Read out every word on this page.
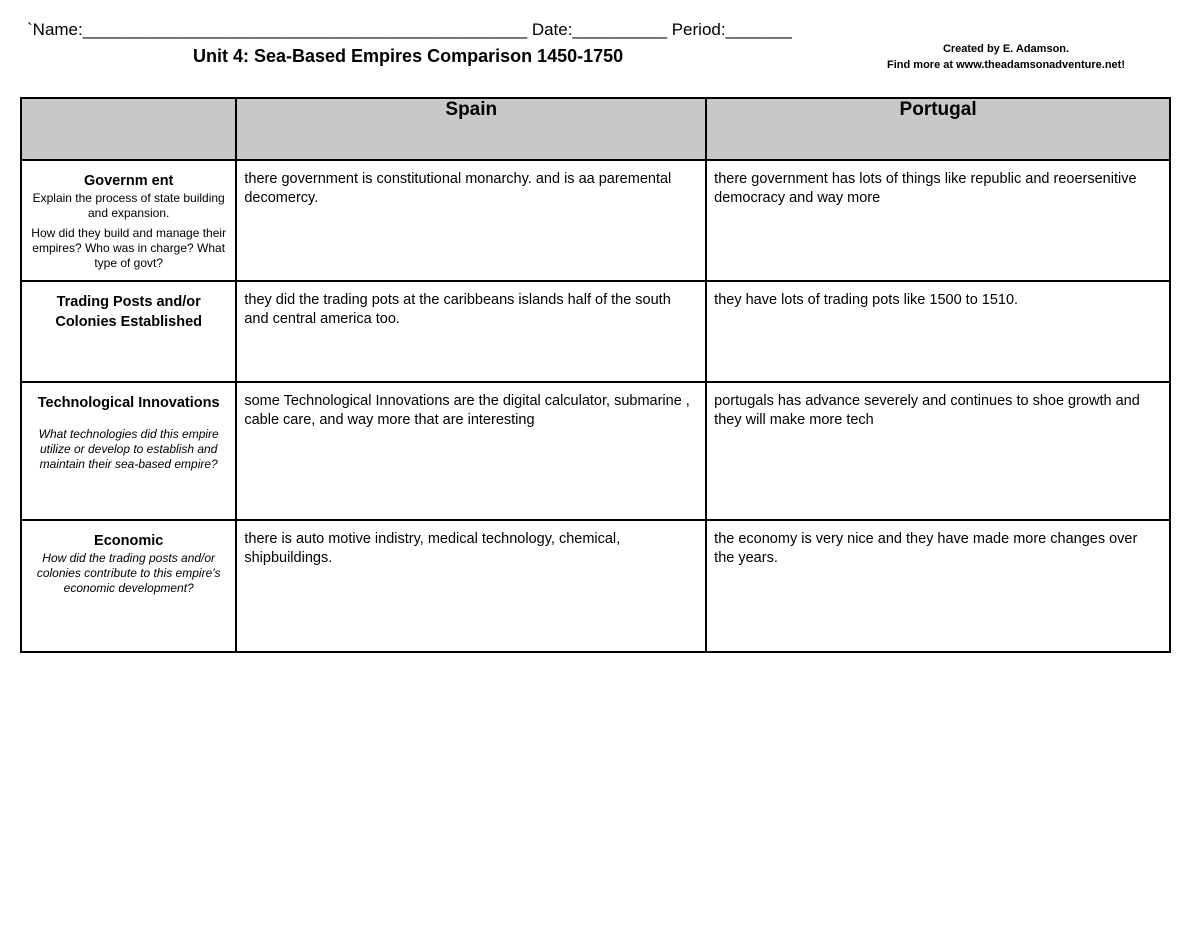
`Name:_______________________________________________ Date:__________ Period:_______
Unit 4: Sea-Based Empires Comparison 1450-1750	Created by E. Adamson.
Find more at www.theadamsonadventure.net!
	Spain	Portugal

Governm ent
Explain the process of state building and expansion.
How did they build and manage their empires? Who was in charge? What type of govt?	there government is constitutional monarchy. and is aa paremental decomercy.	there government has lots of things like republic and reoersenitive democracy and way more

Trading Posts and/or Colonies Established	they did the trading pots at the caribbeans islands half of the south and central america too.	they have lots of trading pots like 1500 to 1510.

Technological Innovations
What technologies did this empire utilize or develop to establish and maintain their sea-based empire?	some Technological Innovations are the digital calculator, submarine , cable care, and way more that are interesting	portugals has advance severely and continues to shoe growth and they will make more tech

Economic
How did the trading posts and/or colonies contribute to this empire's economic development?	there is auto motive indistry, medical technology, chemical, shipbuildings.	the economy is very nice and they have made more changes over the years.
